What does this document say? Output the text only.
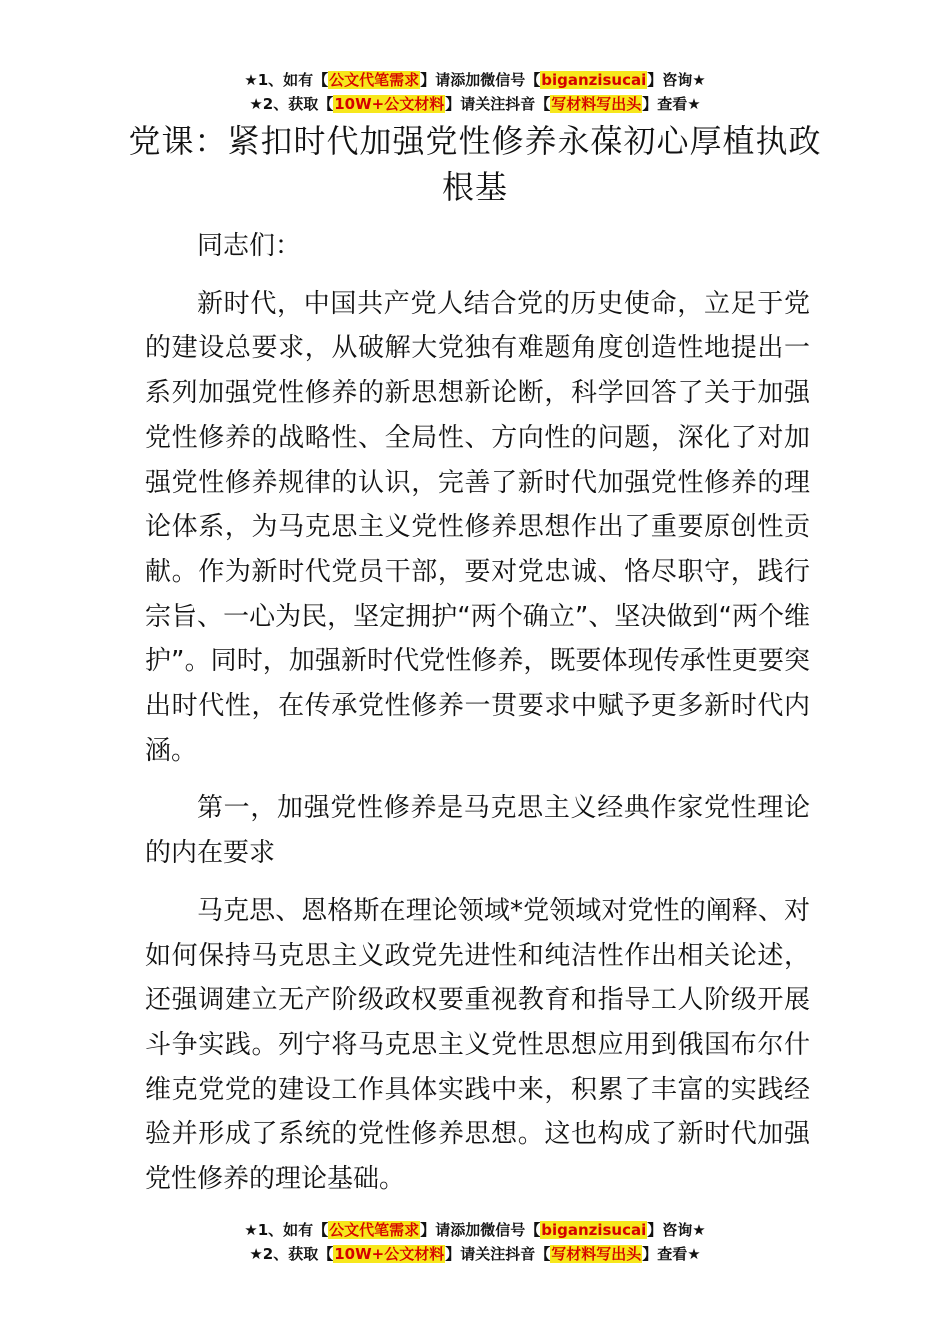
★1、如有【公文代笔需求】请添加微信号【biganzisucai】咨询★
★2、获取【10W+公文材料】请关注抖音【写材料写出头】查看★
党课：紧扣时代加强党性修养永葆初心厚植执政根基

同志们：

新时代，中国共产党人结合党的历史使命，立足于党的建设总要求，从破解大党独有难题角度创造性地提出一系列加强党性修养的新思想新论断，科学回答了关于加强党性修养的战略性、全局性、方向性的问题，深化了对加强党性修养规律的认识，完善了新时代加强党性修养的理论体系，为马克思主义党性修养思想作出了重要原创性贡献。作为新时代党员干部，要对党忠诚、恪尽职守，践行宗旨、一心为民，坚定拥护“两个确立”、坚决做到“两个维护”。同时，加强新时代党性修养，既要体现传承性更要突出时代性，在传承党性修养一贯要求中赋予更多新时代内涵。

第一，加强党性修养是马克思主义经典作家党性理论的内在要求

马克思、恩格斯在理论领域*党领域对党性的阐释、对如何保持马克思主义政党先进性和纯洁性作出相关论述，还强调建立无产阶级政权要重视教育和指导工人阶级开展斗争实践。列宁将马克思主义党性思想应用到俄国布尔什维克党党的建设工作具体实践中来，积累了丰富的实践经验并形成了系统的党性修养思想。这也构成了新时代加强党性修养的理论基础。

★1、如有【公文代笔需求】请添加微信号【biganzisucai】咨询★
★2、获取【10W+公文材料】请关注抖音【写材料写出头】查看★
